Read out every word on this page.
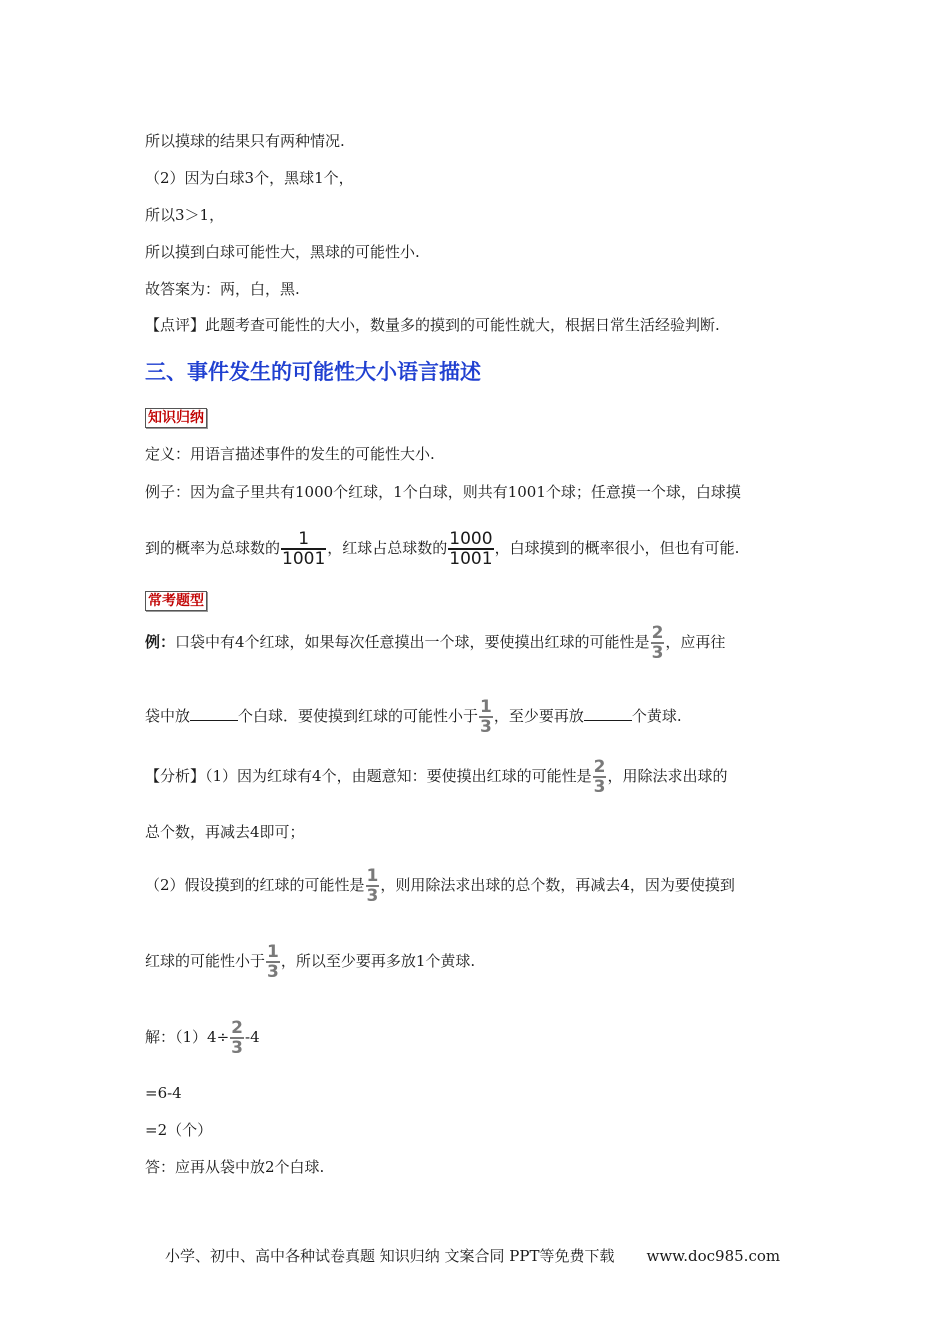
所以摸球的结果只有两种情况.
（2）因为白球3个，黑球1个，
所以3＞1，
所以摸到白球可能性大，黑球的可能性小.
故答案为：两，白，黑.
【点评】此题考查可能性的大小，数量多的摸到的可能性就大，根据日常生活经验判断.
三、事件发生的可能性大小语言描述
知识归纳
定义：用语言描述事件的发生的可能性大小.
例子：因为盒子里共有1000个红球，1个白球，则共有1001个球；任意摸一个球，白球摸
到的概率为总球数的 $\frac{1}{1001}$ ，红球占总球数的 $\frac{1000}{1001}$ ，白球摸到的概率很小，但也有可能.
常考题型
例：口袋中有4个红球，如果每次任意摸出一个球，要使摸出红球的可能性是 $\frac{2}{3}$ ，应再往
袋中放	个白球．要使摸到红球的可能性小于 $\frac{1}{3}$ ，至少要再放	个黄球.
【分析】（1）因为红球有4个，由题意知：要使摸出红球的可能性是 $\frac{2}{3}$ ，用除法求出球的
总个数，再减去4即可；
（2）假设摸到的红球的可能性是 $\frac{1}{3}$ ，则用除法求出球的总个数，再减去4，因为要使摸到
红球的可能性小于 $\frac{1}{3}$ ，所以至少要再多放1个黄球.
解：$(1)4\div \frac{2}{3} -4$
=6-4
=2（个）
答：应再从袋中放2个白球.
小学、初中、高中各种试卷真题 知识归纳 文案合同 PPT等免费下载 www.doc985.com
